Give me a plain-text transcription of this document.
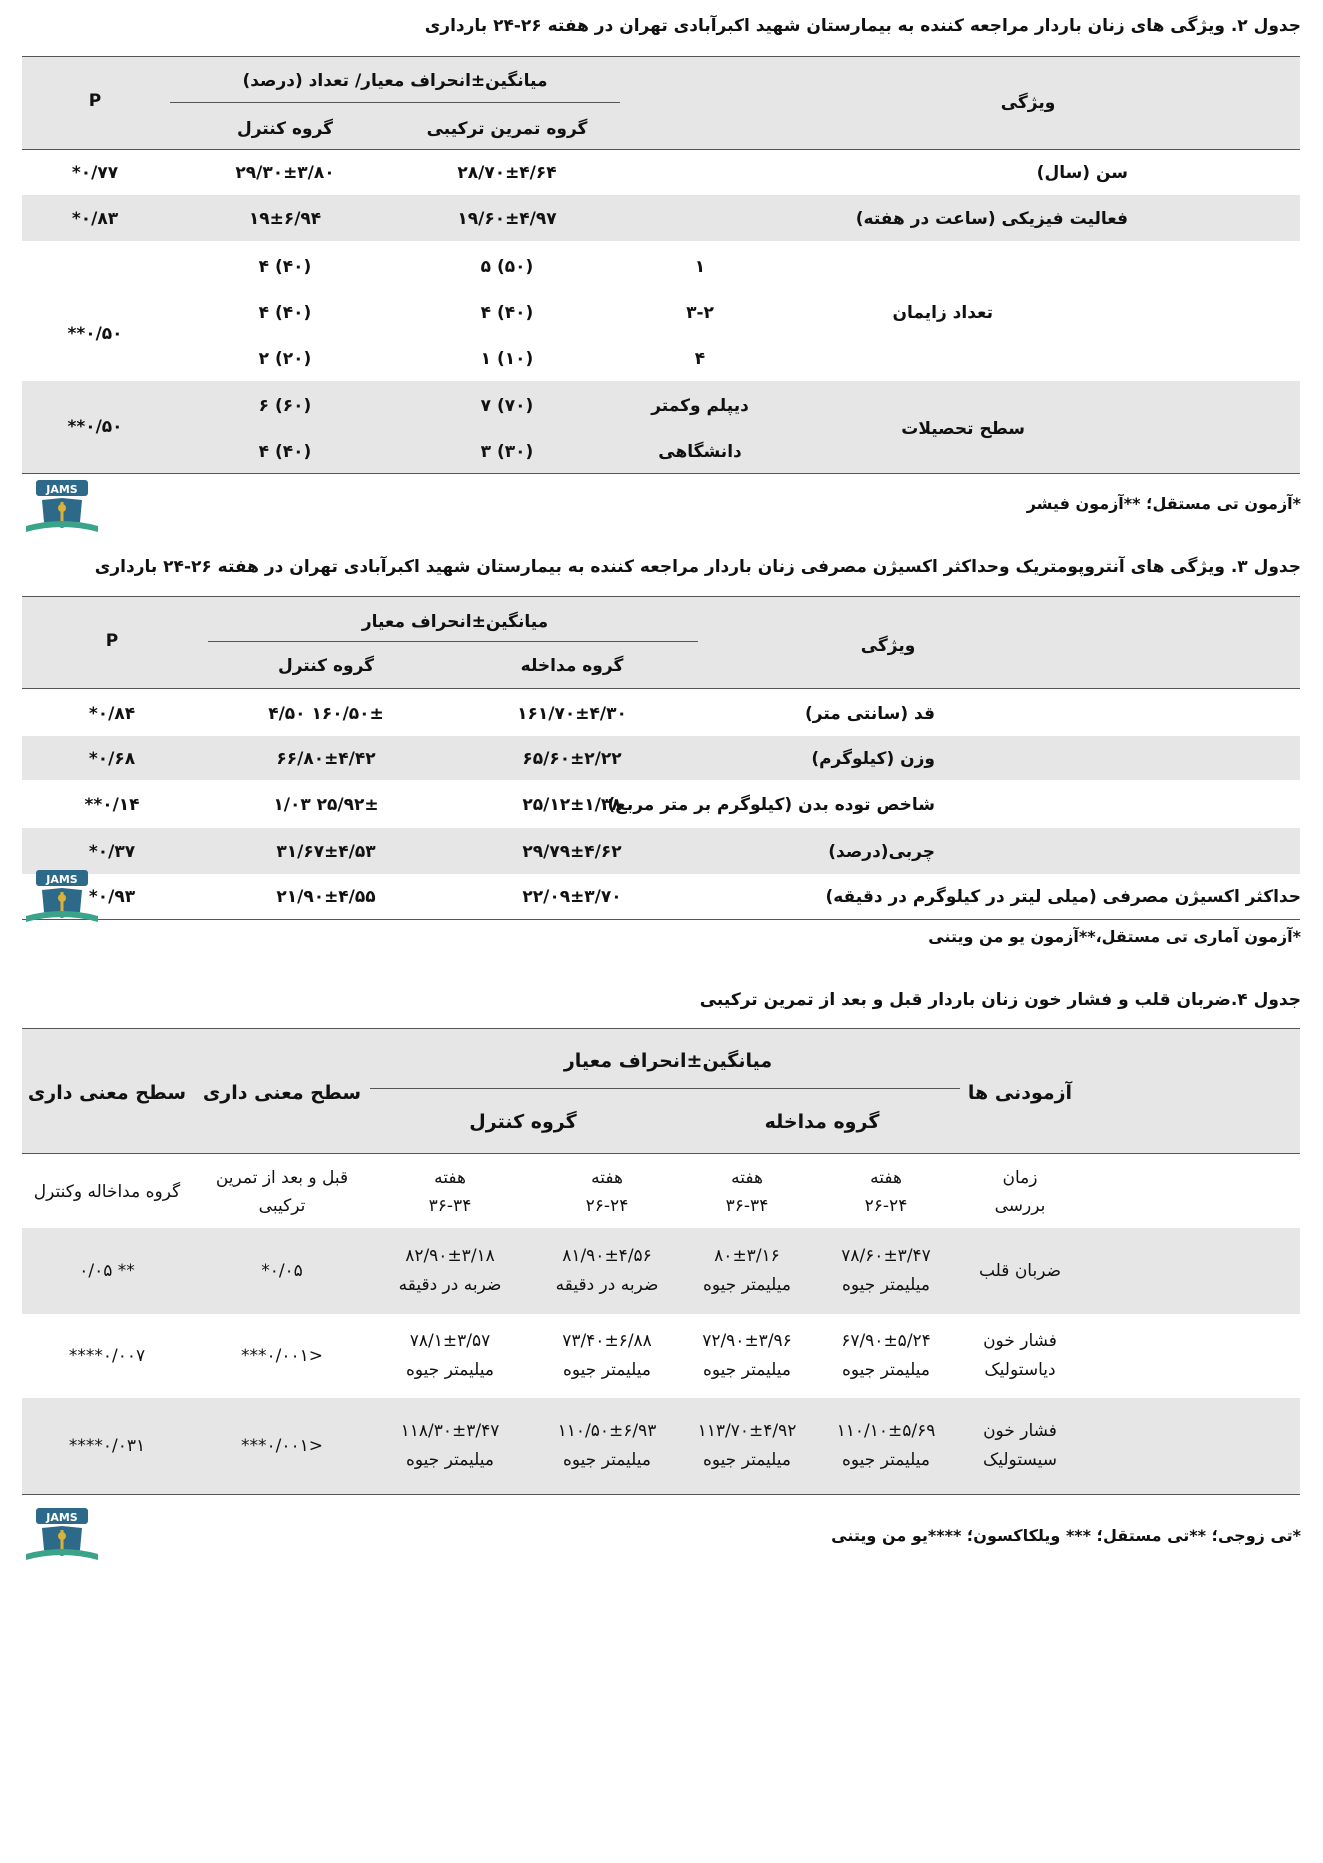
جدول ۲. ویژگی های زنان باردار مراجعه کننده به بیمارستان شهید اکبرآبادی تهران در هفته ۲۶-۲۴ بارداری
ویژگی
میانگین±انحراف معیار/ تعداد (درصد)
گروه تمرین ترکیبی
گروه کنترل
P
سن (سال)
۲۸/۷۰±۴/۶۴
۲۹/۳۰±۳/۸۰
۰/۷۷*
فعالیت فیزیکی (ساعت در هفته)
۱۹/۶۰±۴/۹۷
۱۹±۶/۹۴
۰/۸۳*
تعداد زایمان
۰/۵۰**
۱
(۵۰) ۵
(۴۰) ۴
۳-۲
(۴۰) ۴
(۴۰) ۴
۴
(۱۰) ۱
(۲۰) ۲
سطح تحصیلات
۰/۵۰**
دیپلم وکمتر
(۷۰) ۷
(۶۰) ۶
دانشگاهی
(۳۰) ۳
(۴۰) ۴
JAMS
*آزمون تی مستقل؛ **آزمون فیشر
جدول ۳. ویژگی های آنتروپومتریک وحداکثر اکسیژن مصرفی زنان باردار مراجعه کننده به بیمارستان شهید اکبرآبادی تهران در هفته ۲۶-۲۴ بارداری
ویژگی
میانگین±انحراف معیار
گروه مداخله
گروه کنترل
P
قد (سانتی متر)
۱۶۱/۷۰±۴/۳۰
۱۶۰/۵۰± ۴/۵۰
۰/۸۴*
وزن (کیلوگرم)
۶۵/۶۰±۲/۲۲
۶۶/۸۰±۴/۴۲
۰/۶۸*
شاخص توده بدن (کیلوگرم بر متر مربع)
۲۵/۱۲±۱/۳۸
۲۵/۹۲± ۱/۰۳
۰/۱۴**
چربی(درصد)
۲۹/۷۹±۴/۶۲
۳۱/۶۷±۴/۵۳
۰/۳۷*
حداکثر اکسیژن مصرفی (میلی لیتر در کیلوگرم در دقیقه)
۲۲/۰۹±۳/۷۰
۲۱/۹۰±۴/۵۵
۰/۹۳*
JAMS
*آزمون آماری تی مستقل،**آزمون یو من ویتنی
جدول ۴.ضربان قلب و فشار خون زنان باردار قبل و بعد از تمرین ترکیبی
آزمودنی ها
میانگین±انحراف معیار
گروه مداخله
گروه کنترل
سطح معنی داری
سطح معنی داری
زمان
بررسی
هفته
۲۶-۲۴
هفته
۳۶-۳۴
هفته
۲۶-۲۴
هفته
۳۶-۳۴
قبل و بعد از تمرین
ترکیبی
گروه مداخاله وکنترل
ضربان قلب
۷۸/۶۰±۳/۴۷
میلیمتر جیوه
۸۰±۳/۱۶
میلیمتر جیوه
۸۱/۹۰±۴/۵۶
ضربه در دقیقه
۸۲/۹۰±۳/۱۸
ضربه در دقیقه
۰/۰۵*
** ۰/۰۵
فشار خون
دیاستولیک
۶۷/۹۰±۵/۲۴
میلیمتر جیوه
۷۲/۹۰±۳/۹۶
میلیمتر جیوه
۷۳/۴۰±۶/۸۸
میلیمتر جیوه
۷۸/۱±۳/۵۷
میلیمتر جیوه
<۰/۰۰۱***
۰/۰۰۷****
فشار خون
سیستولیک
۱۱۰/۱۰±۵/۶۹
میلیمتر جیوه
۱۱۳/۷۰±۴/۹۲
میلیمتر جیوه
۱۱۰/۵۰±۶/۹۳
میلیمتر جیوه
۱۱۸/۳۰±۳/۴۷
میلیمتر جیوه
<۰/۰۰۱***
۰/۰۳۱****
JAMS
*تی زوجی؛ **تی مستقل؛ *** ویلکاکسون؛ ****یو من ویتنی
